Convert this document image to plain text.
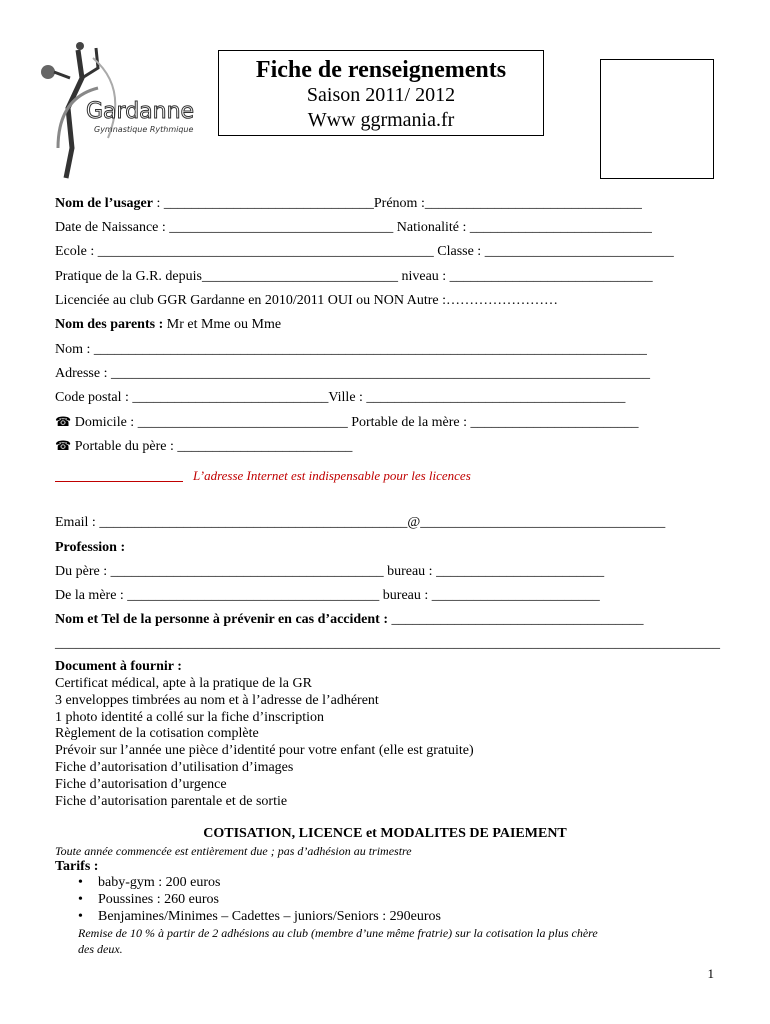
Gardanne
Gymnastique Rythmique
Fiche de renseignements
Saison 2011/ 2012
Www ggrmania.fr
Nom de l’usager : ______________________________Prénom :_______________________________
Date de Naissance : ________________________________ Nationalité : __________________________
Ecole : ________________________________________________ Classe : ___________________________
Pratique de la G.R. depuis____________________________ niveau : _____________________________
Licenciée au club GGR Gardanne en 2010/2011 OUI ou NON Autre :……………………
Nom des parents : Mr et Mme ou Mme
Nom : _______________________________________________________________________________
Adresse : _____________________________________________________________________________
Code postal : ____________________________Ville : _____________________________________
☎ Domicile : ______________________________ Portable de la mère : ________________________
☎ Portable du père : _________________________
L’adresse Internet est indispensable pour les licences
Email : ____________________________________________@___________________________________
Profession :
Du père : _______________________________________ bureau : ________________________
De la mère : ____________________________________ bureau : ________________________
Nom et Tel de la personne à prévenir en cas d’accident : ____________________________________
_______________________________________________________________________________________________
Document à fournir :
Certificat médical, apte à la pratique de la GR
3 enveloppes timbrées au nom et à l’adresse de l’adhérent
1 photo identité a collé sur la fiche d’inscription
Règlement de la cotisation complète
Prévoir sur l’année une pièce d’identité pour votre enfant (elle est gratuite)
Fiche d’autorisation d’utilisation d’images
Fiche d’autorisation d’urgence
Fiche d’autorisation parentale et de sortie
COTISATION, LICENCE et MODALITES DE PAIEMENT
Toute année commencée est entièrement due ; pas d’adhésion au trimestre
Tarifs :
• baby-gym : 200 euros
• Poussines : 260 euros
• Benjamines/Minimes – Cadettes – juniors/Seniors : 290euros
Remise de 10 % à partir de 2 adhésions au club (membre d’une même fratrie) sur la cotisation la plus chère
des deux.
1
